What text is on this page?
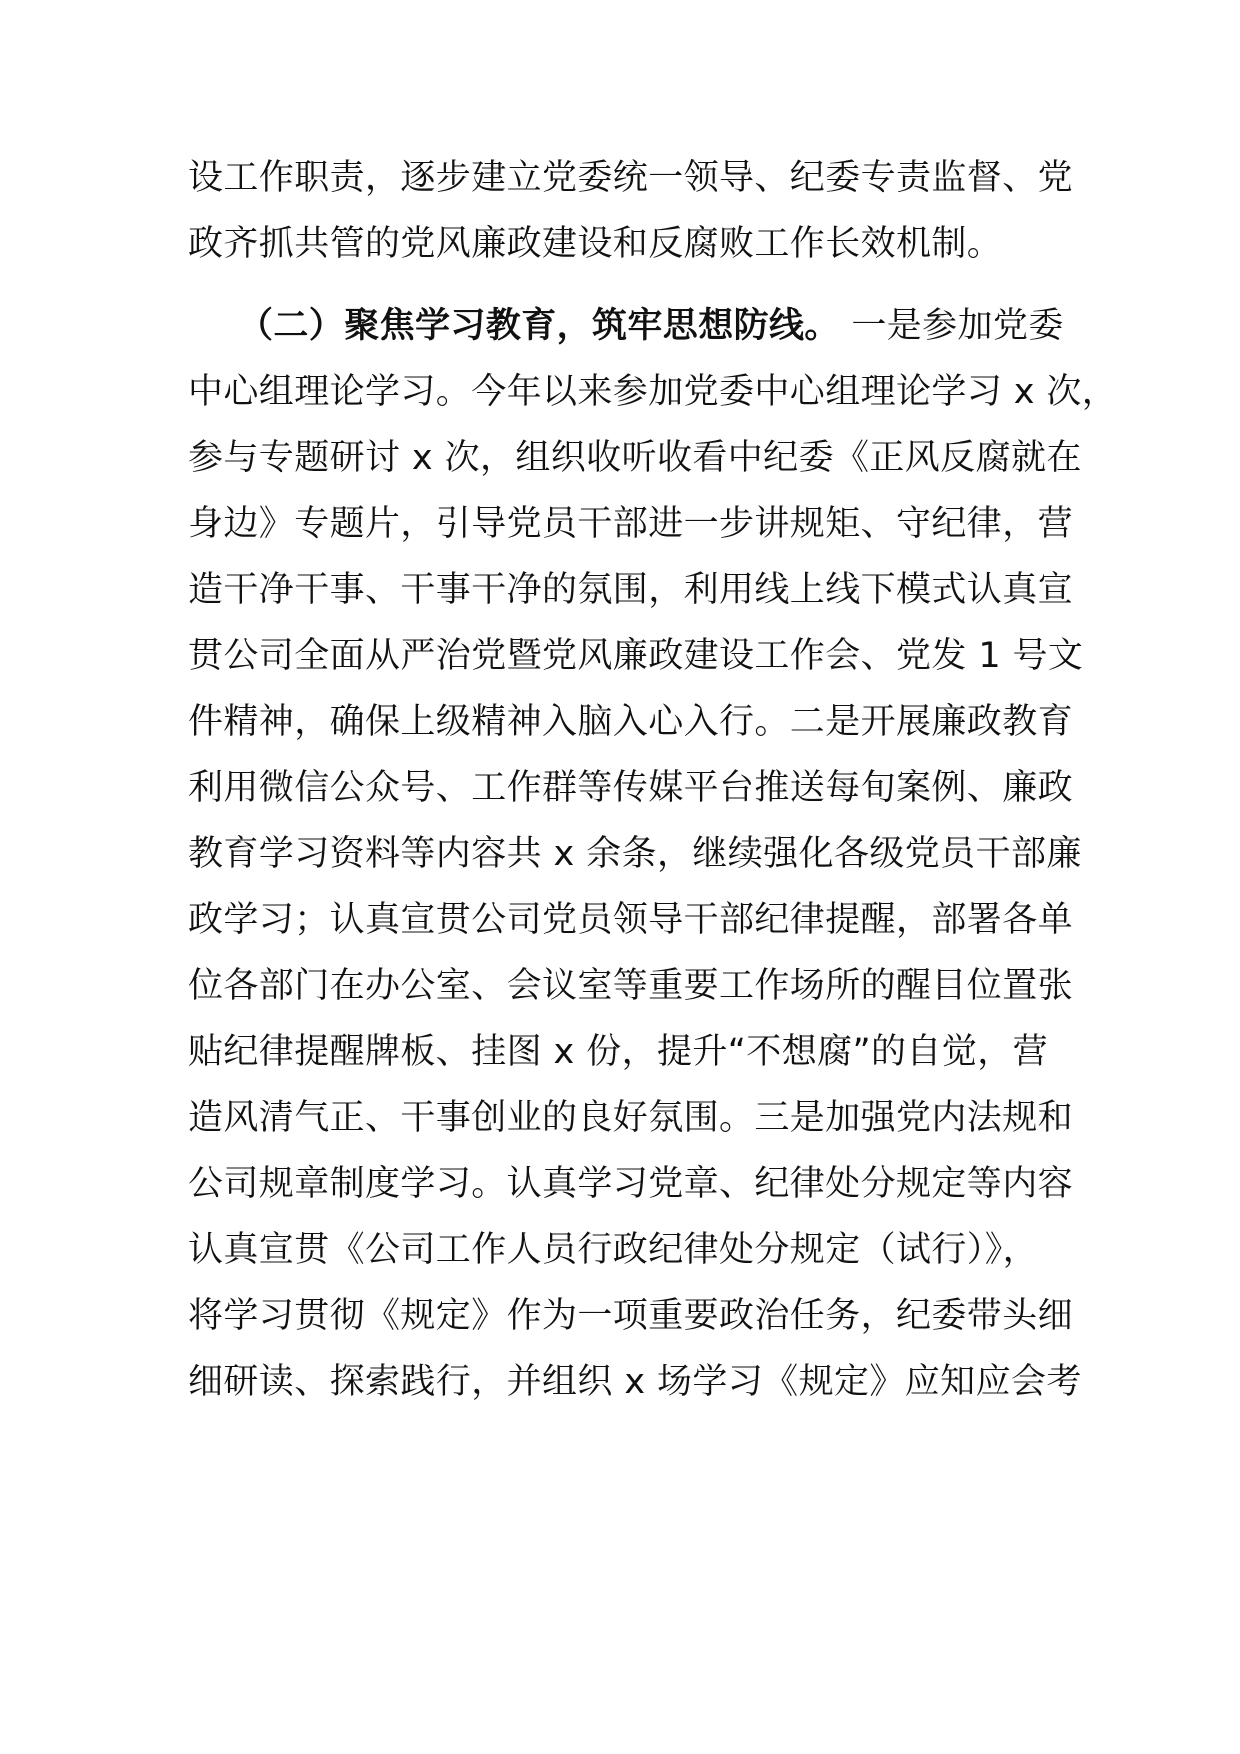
设工作职责，逐步建立党委统一领导、纪委专责监督、党
政齐抓共管的党风廉政建设和反腐败工作长效机制。
（二）聚焦学习教育，筑牢思想防线。 一是参加党委
中心组理论学习。今年以来参加党委中心组理论学习 x 次，
参与专题研讨 x 次，组织收听收看中纪委《正风反腐就在
身边》专题片，引导党员干部进一步讲规矩、守纪律，营
造干净干事、干事干净的氛围，利用线上线下模式认真宣
贯公司全面从严治党暨党风廉政建设工作会、党发 1 号文
件精神，确保上级精神入脑入心入行。二是开展廉政教育
利用微信公众号、工作群等传媒平台推送每旬案例、廉政
教育学习资料等内容共 x 余条，继续强化各级党员干部廉
政学习；认真宣贯公司党员领导干部纪律提醒，部署各单
位各部门在办公室、会议室等重要工作场所的醒目位置张
贴纪律提醒牌板、挂图 x 份，提升“不想腐”的自觉，营
造风清气正、干事创业的良好氛围。三是加强党内法规和
公司规章制度学习。认真学习党章、纪律处分规定等内容
认真宣贯《公司工作人员行政纪律处分规定（试行）》，
将学习贯彻《规定》作为一项重要政治任务，纪委带头细
细研读、探索践行，并组织 x 场学习《规定》应知应会考
